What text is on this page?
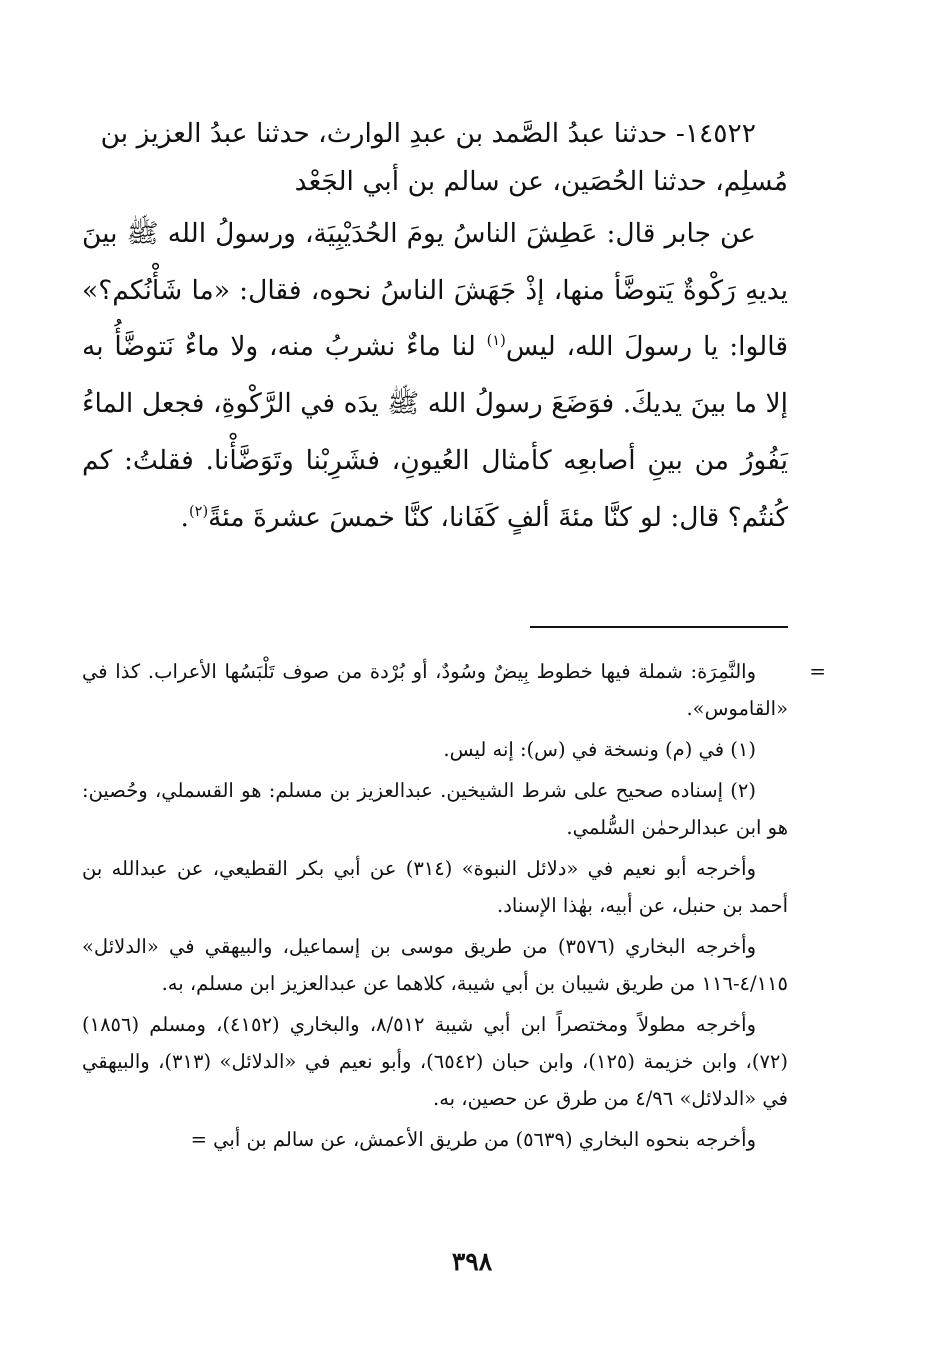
١٤٥٢٢- حدثنا عبدُ الصَّمد بن عبدِ الوارث، حدثنا عبدُ العزيز بن
مُسلِم، حدثنا الحُصَين، عن سالم بن أبي الجَعْد

عن جابر قال: عَطِشَ الناسُ يومَ الحُدَيْبِيَة، ورسولُ الله ﷺ بينَ يديهِ رَكْوةٌ يَتوضَّأ منها، إذْ جَهَشَ الناسُ نحوه، فقال: «ما شَأْنُكم؟» قالوا: يا رسولَ الله، ليس$^{(١)}$ لنا ماءٌ نشربُ منه، ولا ماءٌ نَتوضَّأُ به إلا ما بينَ يديكَ. فوَضَعَ رسولُ الله ﷺ يدَه في الرَّكْوةِ، فجعل الماءُ يَفُورُ من بينِ أصابعِه كأمثال العُيونِ، فشَرِبْنا وتَوَضَّأْنا. فقلتُ: كم كُنتُم؟ قال: لو كنَّا مئةَ ألفٍ كَفَانا، كنَّا خمسَ عشرةَ مئةً$^{(٢)}$.

=

والنَّمِرَة: شملة فيها خطوط بِيضٌ وسُودٌ، أو بُرْدة من صوف تَلْبَسُها الأعراب. كذا في «القاموس».

(١) في (م) ونسخة في (س): إنه ليس.

(٢) إسناده صحيح على شرط الشيخين. عبدالعزيز بن مسلم: هو القسملي، وحُصين: هو ابن عبدالرحمٰن السُّلمي.

وأخرجه أبو نعيم في «دلائل النبوة» (٣١٤) عن أبي بكر القطيعي، عن عبدالله بن أحمد بن حنبل، عن أبيه، بهٰذا الإسناد.

وأخرجه البخاري (٣٥٧٦) من طريق موسى بن إسماعيل، والبيهقي في «الدلائل» ٤/١١٥-١١٦ من طريق شيبان بن أبي شيبة، كلاهما عن عبدالعزيز ابن مسلم، به.

وأخرجه مطولاً ومختصراً ابن أبي شيبة ٨/٥١٢، والبخاري (٤١٥٢)، ومسلم (١٨٥٦) (٧٢)، وابن خزيمة (١٢٥)، وابن حبان (٦٥٤٢)، وأبو نعيم في «الدلائل» (٣١٣)، والبيهقي في «الدلائل» ٤/٩٦ من طرق عن حصين، به.

وأخرجه بنحوه البخاري (٥٦٣٩) من طريق الأعمش، عن سالم بن أبي =

٣٩٨
